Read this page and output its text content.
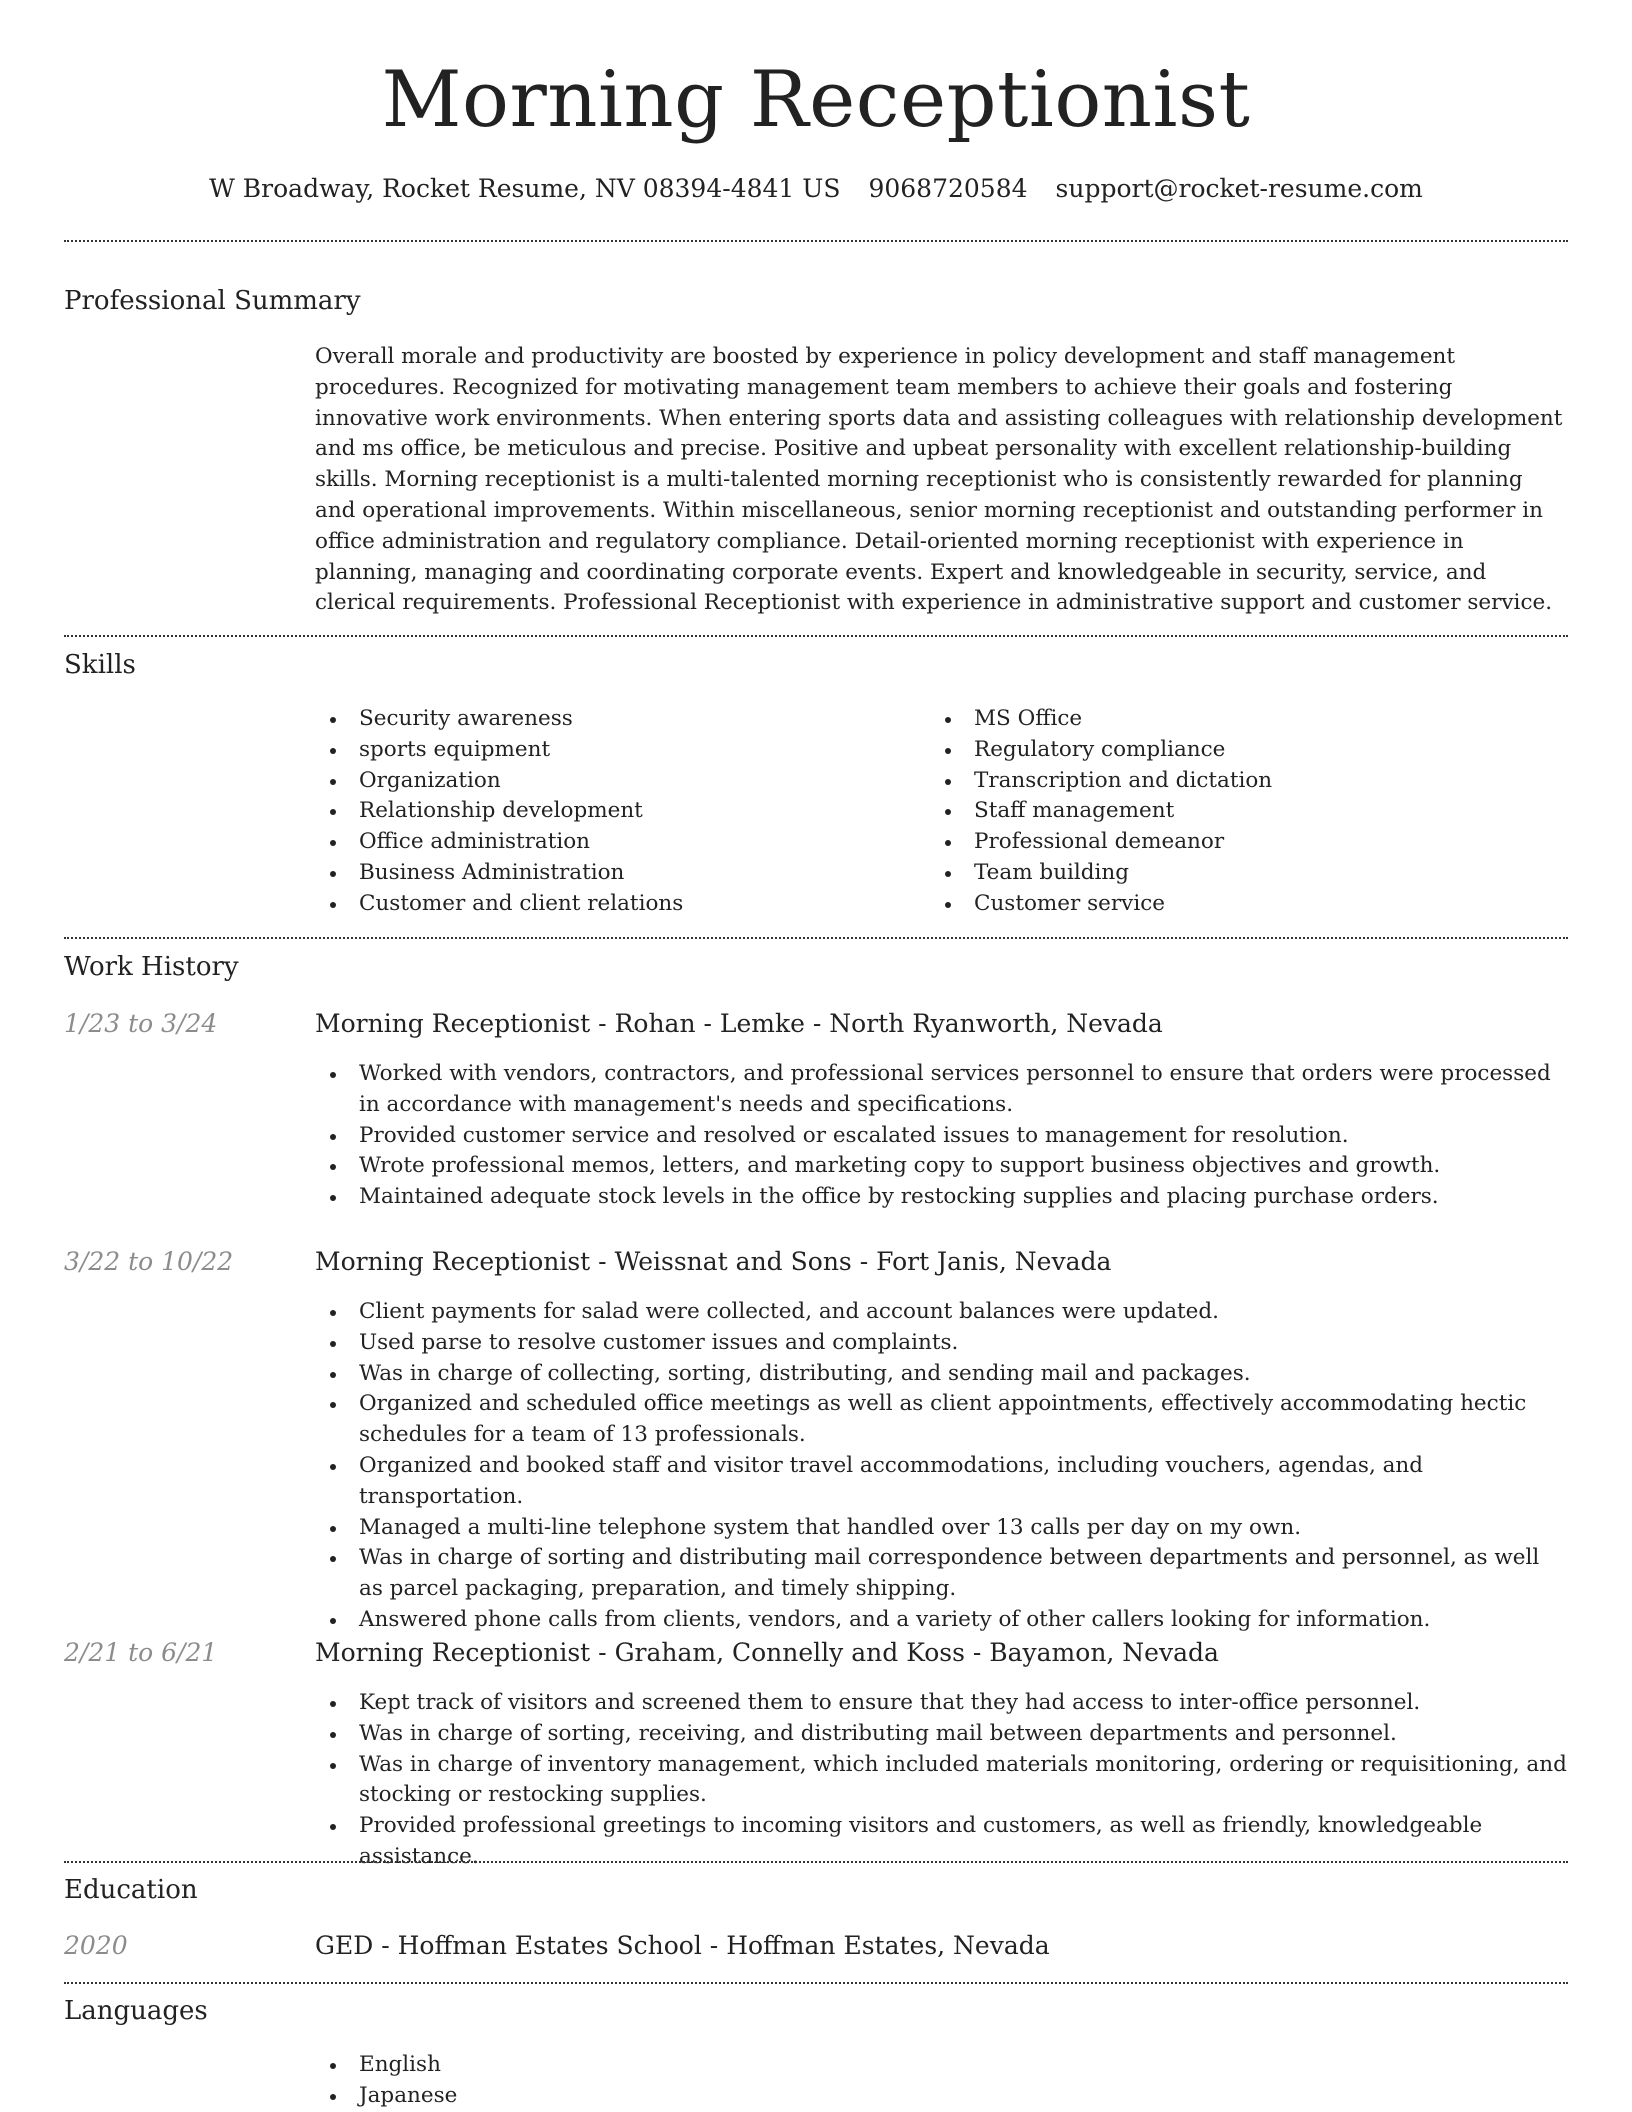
Morning Receptionist
W Broadway, Rocket Resume, NV 08394-4841 US 9068720584 support@rocket-resume.com
Professional Summary
Overall morale and productivity are boosted by experience in policy development and staff management procedures. Recognized for motivating management team members to achieve their goals and fostering innovative work environments. When entering sports data and assisting colleagues with relationship development and ms office, be meticulous and precise. Positive and upbeat personality with excellent relationship-building skills. Morning receptionist is a multi-talented morning receptionist who is consistently rewarded for planning and operational improvements. Within miscellaneous, senior morning receptionist and outstanding performer in office administration and regulatory compliance. Detail-oriented morning receptionist with experience in planning, managing and coordinating corporate events. Expert and knowledgeable in security, service, and clerical requirements. Professional Receptionist with experience in administrative support and customer service.
Skills
Security awareness
sports equipment
Organization
Relationship development
Office administration
Business Administration
Customer and client relations
MS Office
Regulatory compliance
Transcription and dictation
Staff management
Professional demeanor
Team building
Customer service
Work History
1/23 to 3/24	Morning Receptionist - Rohan - Lemke - North Ryanworth, Nevada
Worked with vendors, contractors, and professional services personnel to ensure that orders were processed in accordance with management's needs and specifications.
Provided customer service and resolved or escalated issues to management for resolution.
Wrote professional memos, letters, and marketing copy to support business objectives and growth.
Maintained adequate stock levels in the office by restocking supplies and placing purchase orders.
3/22 to 10/22	Morning Receptionist - Weissnat and Sons - Fort Janis, Nevada
Client payments for salad were collected, and account balances were updated.
Used parse to resolve customer issues and complaints.
Was in charge of collecting, sorting, distributing, and sending mail and packages.
Organized and scheduled office meetings as well as client appointments, effectively accommodating hectic schedules for a team of 13 professionals.
Organized and booked staff and visitor travel accommodations, including vouchers, agendas, and transportation.
Managed a multi-line telephone system that handled over 13 calls per day on my own.
Was in charge of sorting and distributing mail correspondence between departments and personnel, as well as parcel packaging, preparation, and timely shipping.
Answered phone calls from clients, vendors, and a variety of other callers looking for information.
2/21 to 6/21	Morning Receptionist - Graham, Connelly and Koss - Bayamon, Nevada
Kept track of visitors and screened them to ensure that they had access to inter-office personnel.
Was in charge of sorting, receiving, and distributing mail between departments and personnel.
Was in charge of inventory management, which included materials monitoring, ordering or requisitioning, and stocking or restocking supplies.
Provided professional greetings to incoming visitors and customers, as well as friendly, knowledgeable assistance.
Education
2020	GED - Hoffman Estates School - Hoffman Estates, Nevada
Languages
English
Japanese
